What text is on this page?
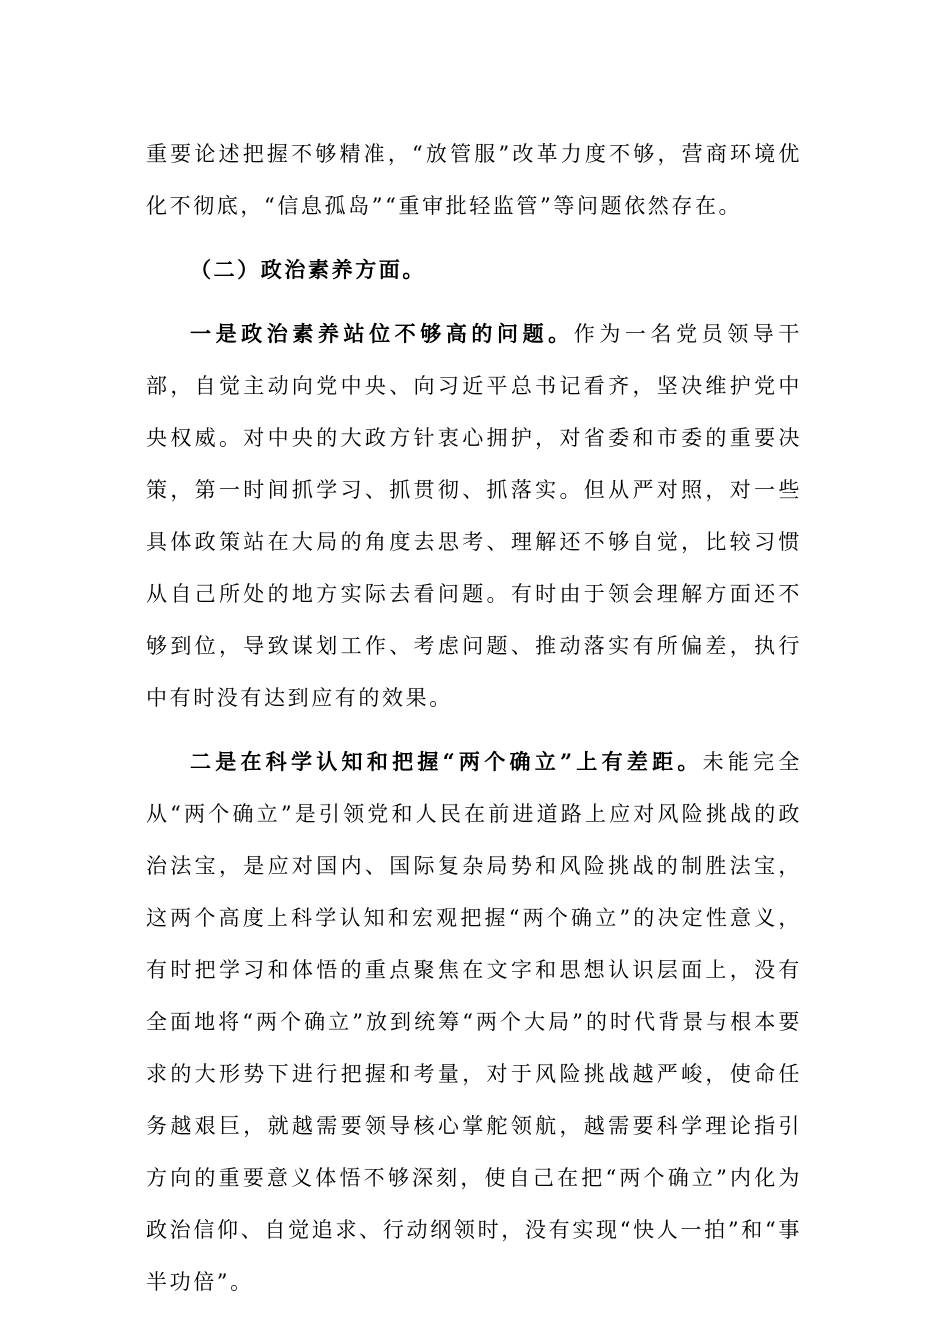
重要论述把握不够精准，“放管服”改革力度不够，营商环境优化不彻底，“信息孤岛”“重审批轻监管”等问题依然存在。

（二）政治素养方面。

一是政治素养站位不够高的问题。作为一名党员领导干部，自觉主动向党中央、向习近平总书记看齐，坚决维护党中央权威。对中央的大政方针衷心拥护，对省委和市委的重要决策，第一时间抓学习、抓贯彻、抓落实。但从严对照，对一些具体政策站在大局的角度去思考、理解还不够自觉，比较习惯从自己所处的地方实际去看问题。有时由于领会理解方面还不够到位，导致谋划工作、考虑问题、推动落实有所偏差，执行中有时没有达到应有的效果。

二是在科学认知和把握“两个确立”上有差距。未能完全从“两个确立”是引领党和人民在前进道路上应对风险挑战的政治法宝，是应对国内、国际复杂局势和风险挑战的制胜法宝，这两个高度上科学认知和宏观把握“两个确立”的决定性意义，有时把学习和体悟的重点聚焦在文字和思想认识层面上，没有全面地将“两个确立”放到统筹“两个大局”的时代背景与根本要求的大形势下进行把握和考量，对于风险挑战越严峻，使命任务越艰巨，就越需要领导核心掌舵领航，越需要科学理论指引方向的重要意义体悟不够深刻，使自己在把“两个确立”内化为政治信仰、自觉追求、行动纲领时，没有实现“快人一拍”和“事半功倍”。
